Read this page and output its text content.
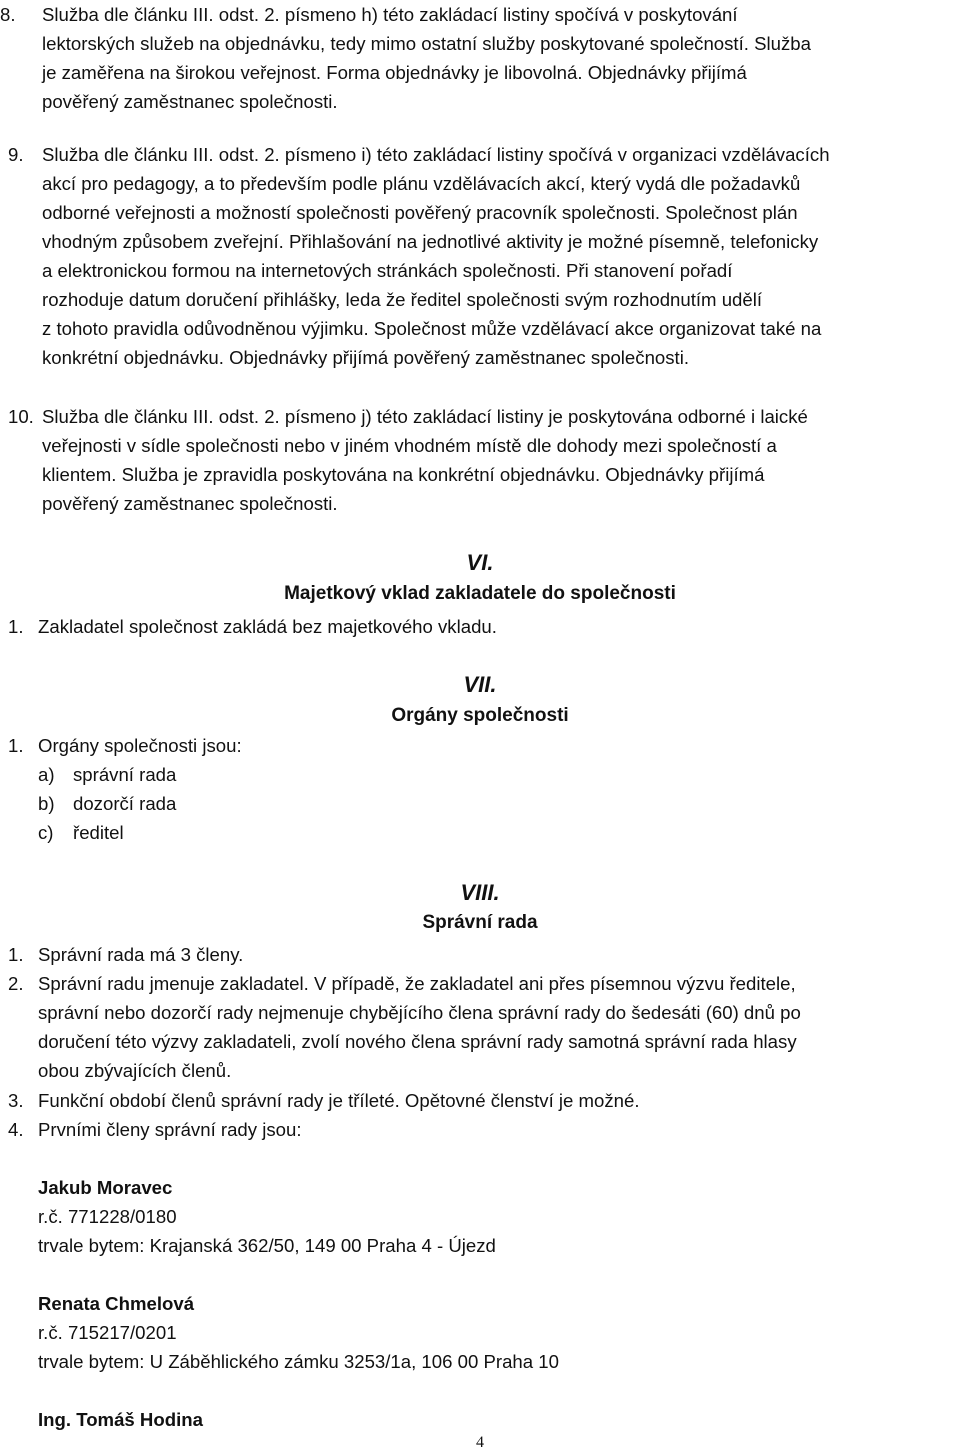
8. Služba dle článku III. odst. 2. písmeno h) této zakládací listiny spočívá v poskytování
lektorských služeb na objednávku, tedy mimo ostatní služby poskytované společností. Služba
je zaměřena na širokou veřejnost. Forma objednávky je libovolná. Objednávky přijímá
pověřený zaměstnanec společnosti.
9. Služba dle článku III. odst. 2. písmeno i) této zakládací listiny spočívá v organizaci vzdělávacích
akcí pro pedagogy, a to především podle plánu vzdělávacích akcí, který vydá dle požadavků
odborné veřejnosti a možností společnosti pověřený pracovník společnosti. Společnost plán
vhodným způsobem zveřejní. Přihlašování na jednotlivé aktivity je možné písemně, telefonicky
a elektronickou formou na internetových stránkách společnosti. Při stanovení pořadí
rozhoduje datum doručení přihlášky, leda že ředitel společnosti svým rozhodnutím udělí
z tohoto pravidla odůvodněnou výjimku. Společnost může vzdělávací akce organizovat také na
konkrétní objednávku. Objednávky přijímá pověřený zaměstnanec společnosti.
10. Služba dle článku III. odst. 2. písmeno j) této zakládací listiny je poskytována odborné i laické
veřejnosti v sídle společnosti nebo v jiném vhodném místě dle dohody mezi společností a
klientem. Služba je zpravidla poskytována na konkrétní objednávku. Objednávky přijímá
pověřený zaměstnanec společnosti.
VI.
Majetkový vklad zakladatele do společnosti
1. Zakladatel společnost zakládá bez majetkového vkladu.
VII.
Orgány společnosti
1. Orgány společnosti jsou:
a) správní rada
b) dozorčí rada
c) ředitel
VIII.
Správní rada
1. Správní rada má 3 členy.
2. Správní radu jmenuje zakladatel. V případě, že zakladatel ani přes písemnou výzvu ředitele,
správní nebo dozorčí rady nejmenuje chybějícího člena správní rady do šedesáti (60) dnů po
doručení této výzvy zakladateli, zvolí nového člena správní rady samotná správní rada hlasy
obou zbývajících členů.
3. Funkční období členů správní rady je tříleté. Opětovné členství je možné.
4. Prvními členy správní rady jsou:
Jakub Moravec
r.č. 771228/0180
trvale bytem: Krajanská 362/50, 149 00 Praha 4 - Újezd
Renata Chmelová
r.č. 715217/0201
trvale bytem: U Záběhlického zámku 3253/1a, 106 00 Praha 10
Ing. Tomáš Hodina
4
